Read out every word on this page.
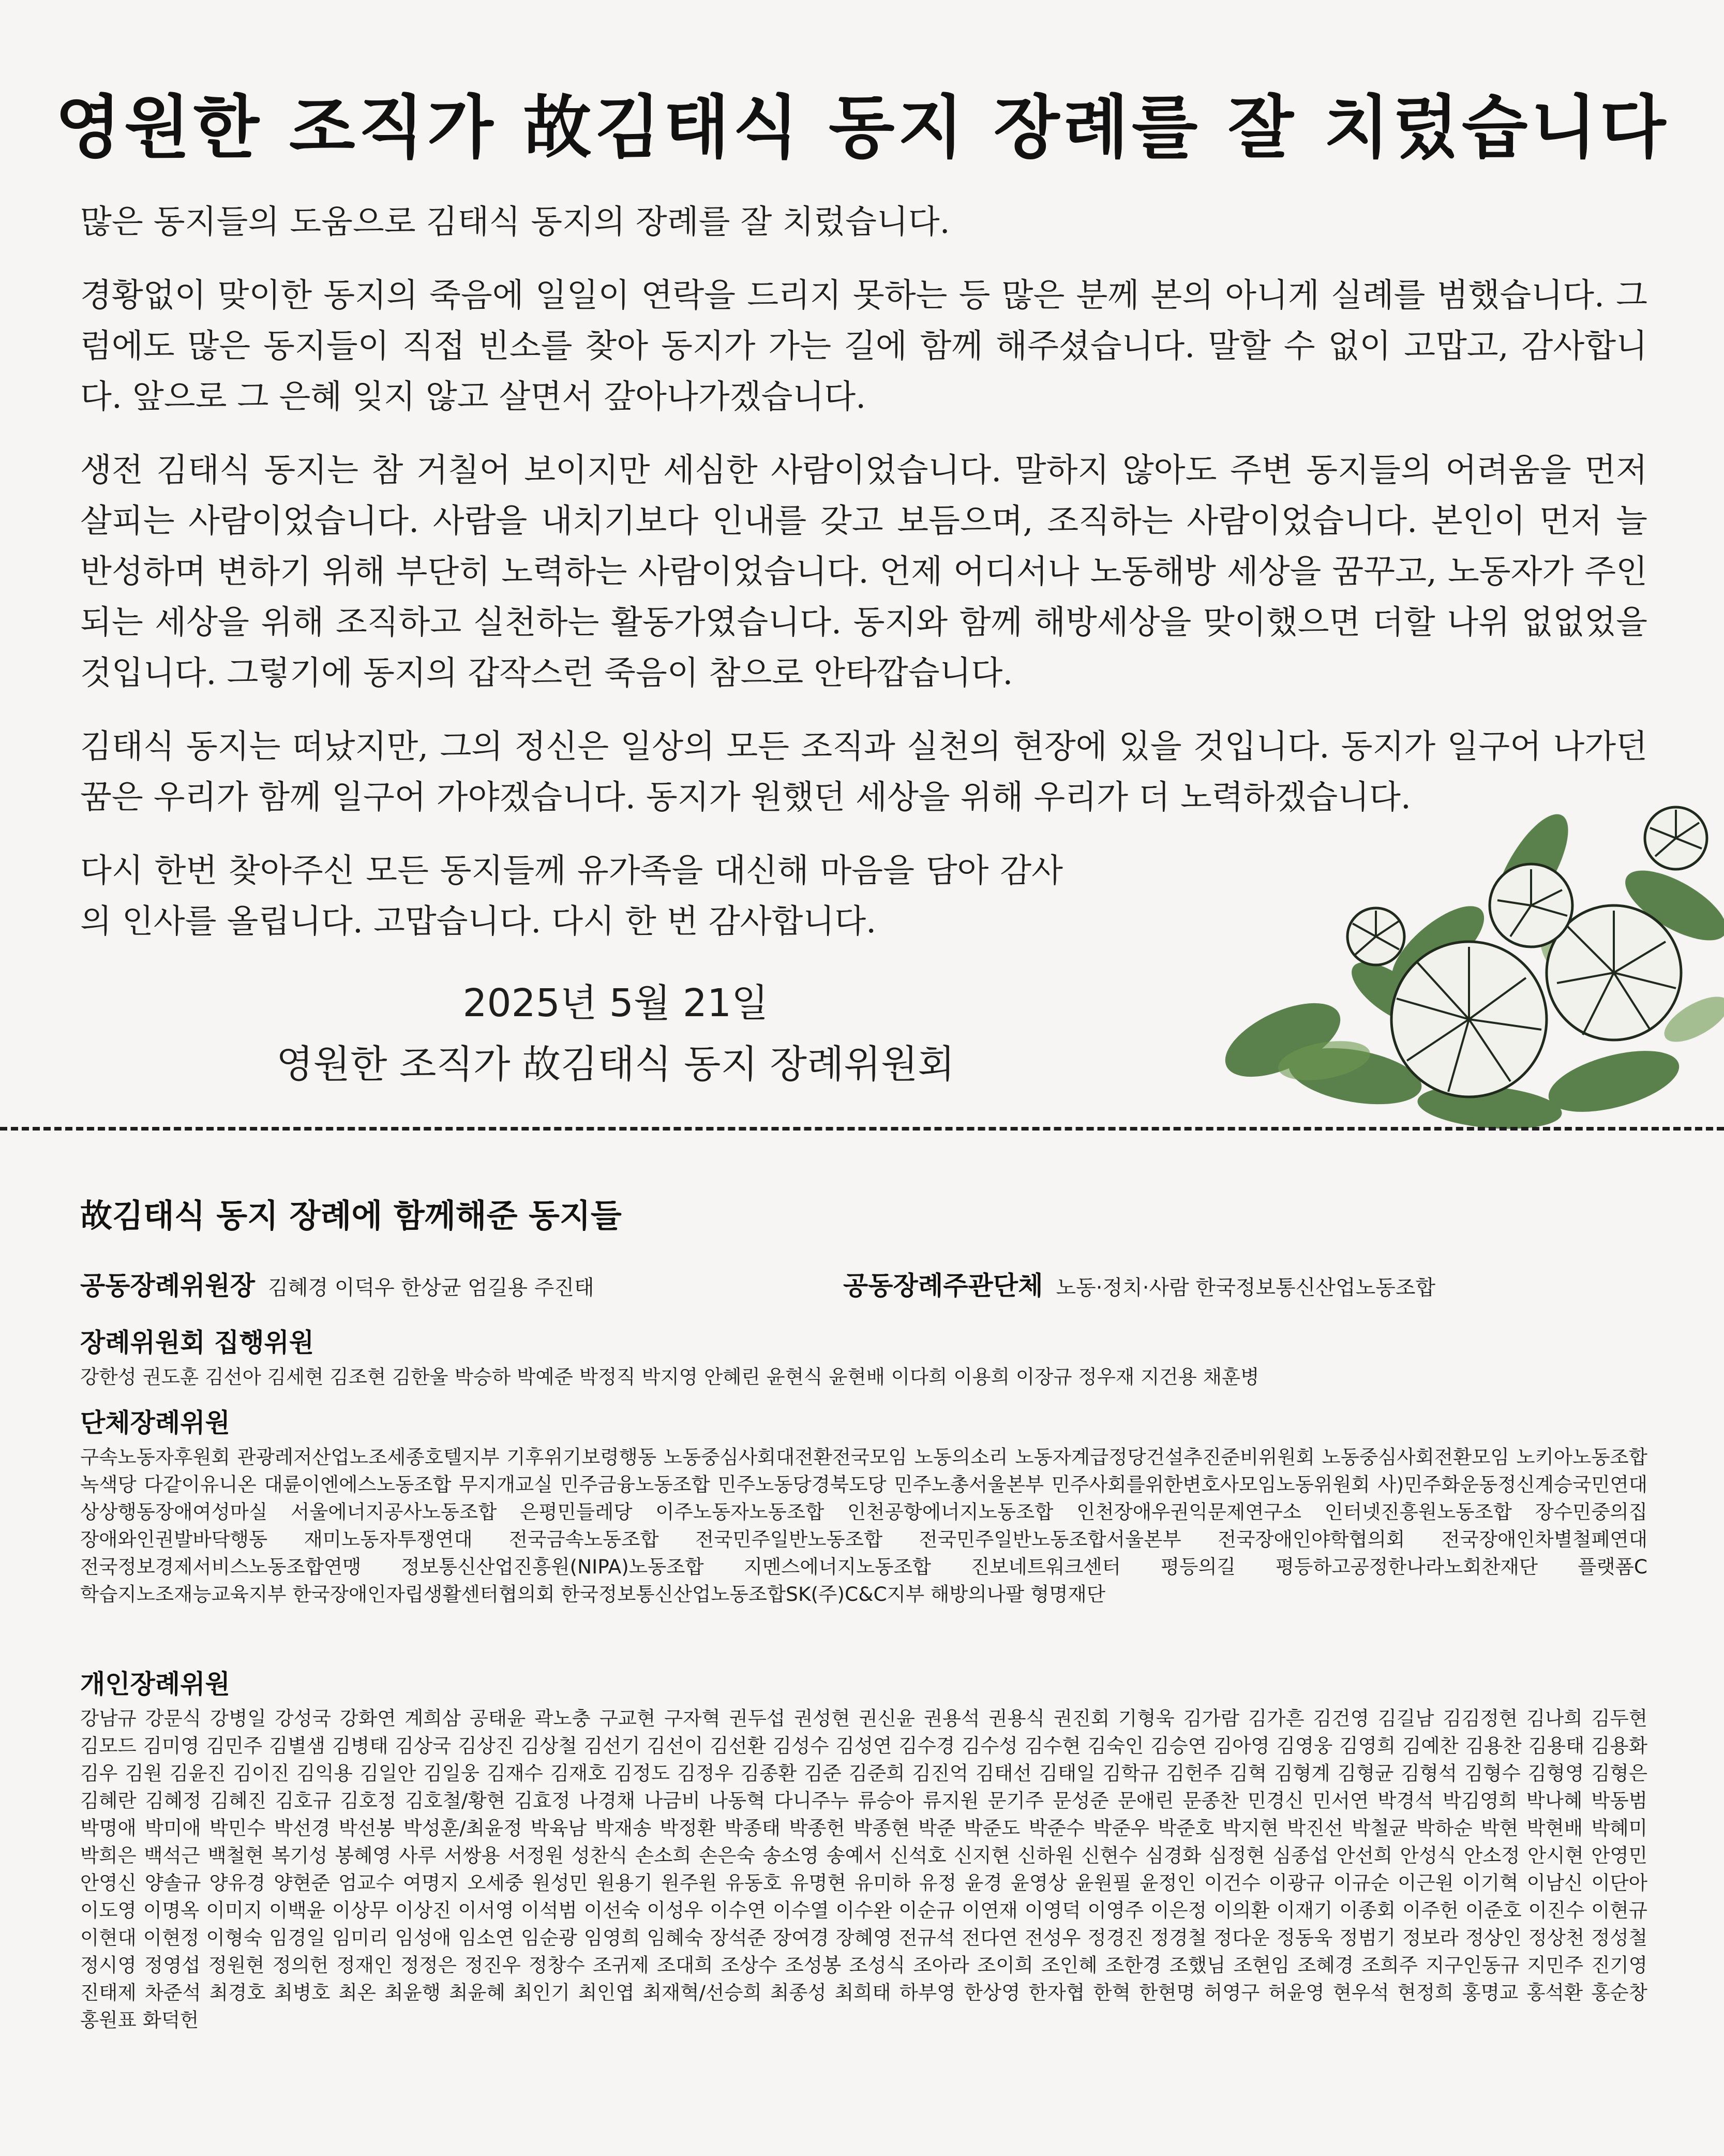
영원한 조직가 故김태식 동지 장례를 잘 치렀습니다

많은 동지들의 도움으로 김태식 동지의 장례를 잘 치렀습니다.

경황없이 맞이한 동지의 죽음에 일일이 연락을 드리지 못하는 등 많은 분께 본의 아니게 실례를 범했습니다. 그럼에도 많은 동지들이 직접 빈소를 찾아 동지가 가는 길에 함께 해주셨습니다. 말할 수 없이 고맙고, 감사합니다. 앞으로 그 은혜 잊지 않고 살면서 갚아나가겠습니다.

생전 김태식 동지는 참 거칠어 보이지만 세심한 사람이었습니다. 말하지 않아도 주변 동지들의 어려움을 먼저 살피는 사람이었습니다. 사람을 내치기보다 인내를 갖고 보듬으며, 조직하는 사람이었습니다. 본인이 먼저 늘 반성하며 변하기 위해 부단히 노력하는 사람이었습니다. 언제 어디서나 노동해방 세상을 꿈꾸고, 노동자가 주인 되는 세상을 위해 조직하고 실천하는 활동가였습니다. 동지와 함께 해방세상을 맞이했으면 더할 나위 없없었을 것입니다. 그렇기에 동지의 갑작스런 죽음이 참으로 안타깝습니다.

김태식 동지는 떠났지만, 그의 정신은 일상의 모든 조직과 실천의 현장에 있을 것입니다. 동지가 일구어 나가던 꿈은 우리가 함께 일구어 가야겠습니다. 동지가 원했던 세상을 위해 우리가 더 노력하겠습니다.

다시 한번 찾아주신 모든 동지들께 유가족을 대신해 마음을 담아 감사의 인사를 올립니다. 고맙습니다. 다시 한 번 감사합니다.

2025년 5월 21일
영원한 조직가 故김태식 동지 장례위원회
故김태식 동지 장례에 함께해준 동지들
공동장례위원장 김혜경 이덕우 한상균 엄길용 주진태	공동장례주관단체 노동·정치·사람 한국정보통신산업노동조합
장례위원회 집행위원
강한성 권도훈 김선아 김세현 김조현 김한울 박승하 박예준 박정직 박지영 안혜린 윤현식 윤현배 이다희 이용희 이장규 정우재 지건용 채훈병
단체장례위원
구속노동자후원회 관광레저산업노조세종호텔지부 기후위기보령행동 노동중심사회대전환전국모임 노동의소리 노동자계급정당건설추진준비위원회 노동중심사회전환모임 노키아노동조합 녹색당 다같이유니온 대륜이엔에스노동조합 무지개교실 민주금융노동조합 민주노동당경북도당 민주노총서울본부 민주사회를위한변호사모임노동위원회 사)민주화운동정신계승국민연대 상상행동장애여성마실 서울에너지공사노동조합 은평민들레당 이주노동자노동조합 인천공항에너지노동조합 인천장애우권익문제연구소 인터넷진흥원노동조합 장수민중의집 장애와인권발바닥행동 재미노동자투쟁연대 전국금속노동조합 전국민주일반노동조합 전국민주일반노동조합서울본부 전국장애인야학협의회 전국장애인차별철폐연대 전국정보경제서비스노동조합연맹 정보통신산업진흥원(NIPA)노동조합 지멘스에너지노동조합 진보네트워크센터 평등의길 평등하고공정한나라노회찬재단 플랫폼C 학습지노조재능교육지부 한국장애인자립생활센터협의회 한국정보통신산업노동조합SK(주)C&C지부 해방의나팔 형명재단
개인장례위원
강남규 강문식 강병일 강성국 강화연 계희삼 공태윤 곽노충 구교현 구자혁 권두섭 권성현 권신윤 권용석 권용식 권진회 기형욱 김가람 김가흔 김건영 김길남 김김정현 김나희 김두현 김모드 김미영 김민주 김별샘 김병태 김상국 김상진 김상철 김선기 김선이 김선환 김성수 김성연 김수경 김수성 김수현 김숙인 김승연 김아영 김영웅 김영희 김예찬 김용찬 김용태 김용화 김우 김원 김윤진 김이진 김익용 김일안 김일웅 김재수 김재호 김정도 김정우 김종환 김준 김준희 김진억 김태선 김태일 김학규 김헌주 김혁 김형계 김형균 김형석 김형수 김형영 김형은 김혜란 김혜정 김혜진 김호규 김호정 김호철/황현 김효정 나경채 나금비 나동혁 다니주누 류승아 류지원 문기주 문성준 문애린 문종찬 민경신 민서연 박경석 박김영희 박나혜 박동범 박명애 박미애 박민수 박선경 박선봉 박성훈/최윤정 박육남 박재송 박정환 박종태 박종헌 박종현 박준 박준도 박준수 박준우 박준호 박지현 박진선 박철균 박하순 박현 박현배 박혜미 박희은 백석근 백철현 복기성 봉혜영 사루 서쌍용 서정원 성찬식 손소희 손은숙 송소영 송예서 신석호 신지현 신하원 신현수 심경화 심정현 심종섭 안선희 안성식 안소정 안시현 안영민 안영신 양솔규 양유경 양현준 엄교수 여명지 오세중 원성민 원용기 원주원 유동호 유명현 유미하 유정 윤경 윤영상 윤원필 윤정인 이건수 이광규 이규순 이근원 이기혁 이남신 이단아 이도영 이명옥 이미지 이백윤 이상무 이상진 이서영 이석범 이선숙 이성우 이수연 이수열 이수완 이순규 이연재 이영덕 이영주 이은정 이의환 이재기 이종회 이주헌 이준호 이진수 이현규 이현대 이현정 이형숙 임경일 임미리 임성애 임소연 임순광 임영희 임혜숙 장석준 장여경 장혜영 전규석 전다연 전성우 정경진 정경철 정다운 정동욱 정범기 정보라 정상인 정상천 정성철 정시영 정영섭 정원현 정의헌 정재인 정정은 정진우 정창수 조귀제 조대희 조상수 조성봉 조성식 조아라 조이희 조인혜 조한경 조했님 조현임 조혜경 조희주 지구인동규 지민주 진기영 진태제 차준석 최경호 최병호 최온 최윤행 최윤혜 최인기 최인엽 최재혁/선승희 최종성 최희태 하부영 한상영 한자협 한혁 한현명 허영구 허윤영 현우석 현정희 홍명교 홍석환 홍순창 홍원표 화덕헌
